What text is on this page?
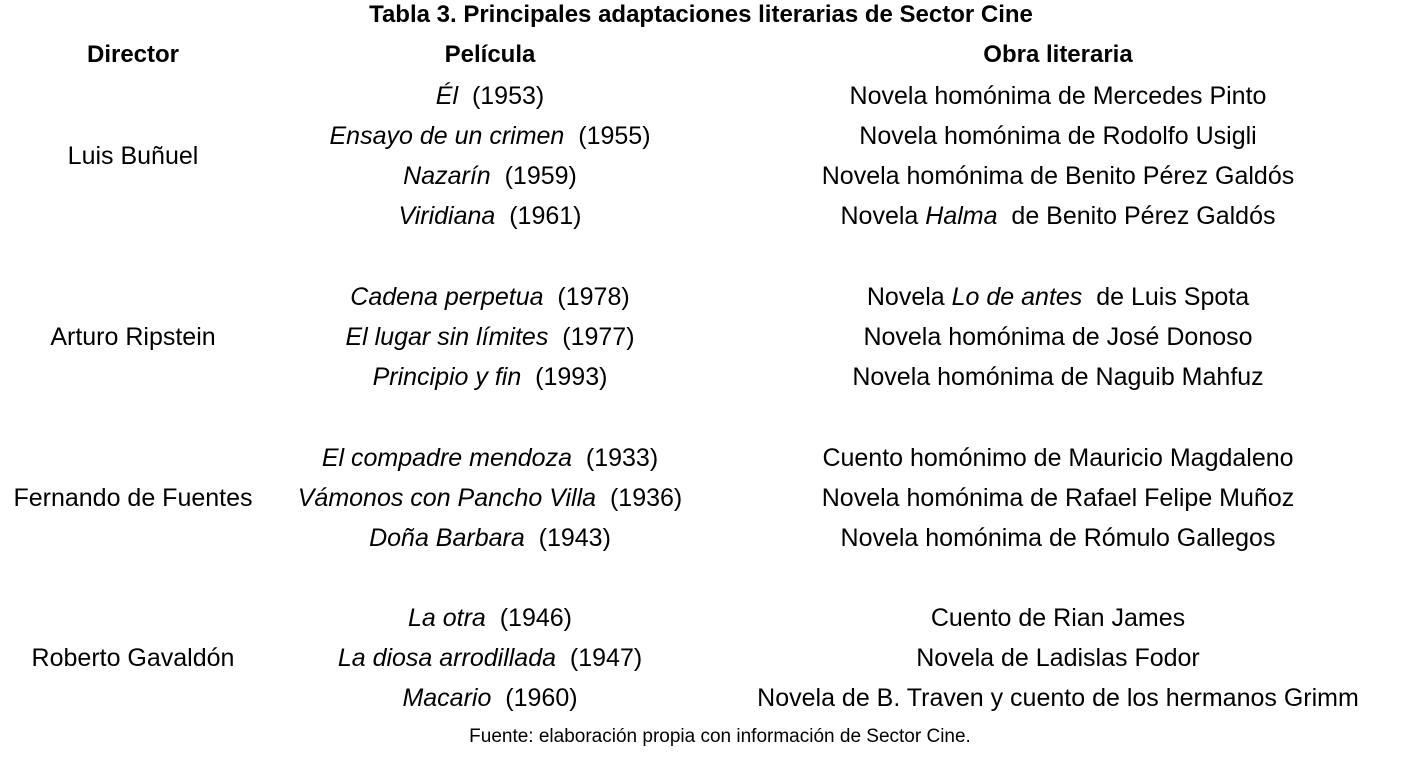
Tabla 3. Principales adaptaciones literarias de Sector Cine
Director	Película	Obra literaria
Luis Buñuel
Él (1953)	Novela homónima de Mercedes Pinto
Ensayo de un crimen (1955)	Novela homónima de Rodolfo Usigli
Nazarín (1959)	Novela homónima de Benito Pérez Galdós
Viridiana (1961)	Novela Halma de Benito Pérez Galdós
Arturo Ripstein
Cadena perpetua (1978)	Novela Lo de antes de Luis Spota
El lugar sin límites (1977)	Novela homónima de José Donoso
Principio y fin (1993)	Novela homónima de Naguib Mahfuz
Fernando de Fuentes
El compadre mendoza (1933)	Cuento homónimo de Mauricio Magdaleno
Vámonos con Pancho Villa (1936)	Novela homónima de Rafael Felipe Muñoz
Doña Barbara (1943)	Novela homónima de Rómulo Gallegos
Roberto Gavaldón
La otra (1946)	Cuento de Rian James
La diosa arrodillada (1947)	Novela de Ladislas Fodor
Macario (1960)	Novela de B. Traven y cuento de los hermanos Grimm
Fuente: elaboración propia con información de Sector Cine.
